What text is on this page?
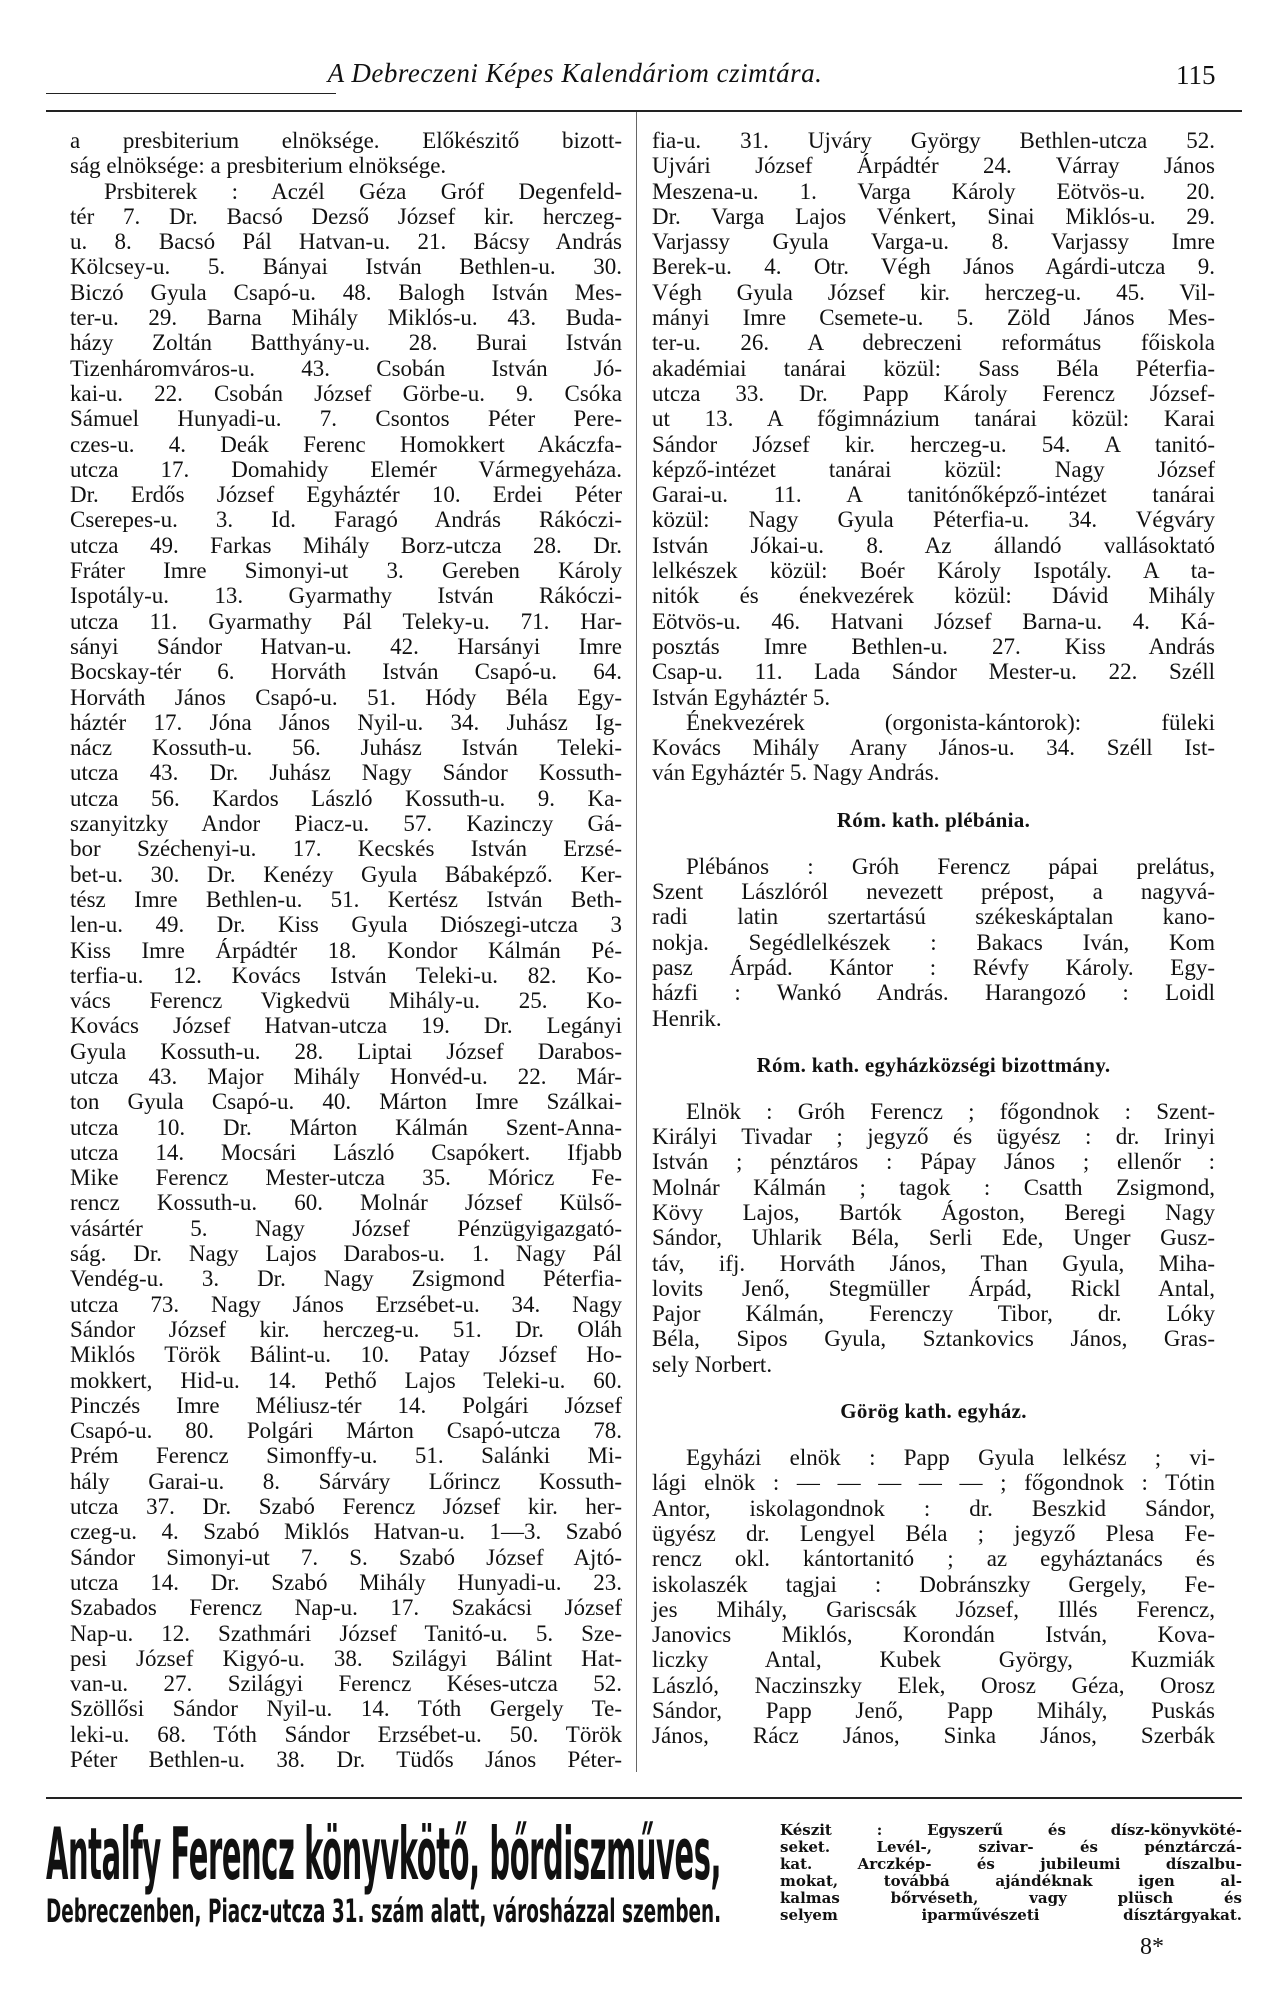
A Debreczeni Képes Kalendáriom czimtára.	115
a presbiterium elnöksége. Előkészitő bizott-
ság elnöksége: a presbiterium elnöksége.
Prsbiterek : Aczél Géza Gróf Degenfeld-
tér 7. Dr. Bacsó Dezső József kir. herczeg-
u. 8. Bacsó Pál Hatvan-u. 21. Bácsy András
Kölcsey-u. 5. Bányai István Bethlen-u. 30.
Biczó Gyula Csapó-u. 48. Balogh István Mes-
ter-u. 29. Barna Mihály Miklós-u. 43. Buda-
házy Zoltán Batthyány-u. 28. Burai István
Tizenháromváros-u. 43. Csobán István Jó-
kai-u. 22. Csobán József Görbe-u. 9. Csóka
Sámuel Hunyadi-u. 7. Csontos Péter Pere-
czes-u. 4. Deák Ferenc Homokkert Akáczfa-
utcza 17. Domahidy Elemér Vármegyeháza.
Dr. Erdős József Egyháztér 10. Erdei Péter
Cserepes-u. 3. Id. Faragó András Rákóczi-
utcza 49. Farkas Mihály Borz-utcza 28. Dr.
Fráter Imre Simonyi-ut 3. Gereben Károly
Ispotály-u. 13. Gyarmathy István Rákóczi-
utcza 11. Gyarmathy Pál Teleky-u. 71. Har-
sányi Sándor Hatvan-u. 42. Harsányi Imre
Bocskay-tér 6. Horváth István Csapó-u. 64.
Horváth János Csapó-u. 51. Hódy Béla Egy-
háztér 17. Jóna János Nyil-u. 34. Juhász Ig-
nácz Kossuth-u. 56. Juhász István Teleki-
utcza 43. Dr. Juhász Nagy Sándor Kossuth-
utcza 56. Kardos László Kossuth-u. 9. Ka-
szanyitzky Andor Piacz-u. 57. Kazinczy Gá-
bor Széchenyi-u. 17. Kecskés István Erzsé-
bet-u. 30. Dr. Kenézy Gyula Bábaképző. Ker-
tész Imre Bethlen-u. 51. Kertész István Beth-
len-u. 49. Dr. Kiss Gyula Diószegi-utcza 3
Kiss Imre Árpádtér 18. Kondor Kálmán Pé-
terfia-u. 12. Kovács István Teleki-u. 82. Ko-
vács Ferencz Vigkedvü Mihály-u. 25. Ko-
Kovács József Hatvan-utcza 19. Dr. Legányi
Gyula Kossuth-u. 28. Liptai József Darabos-
utcza 43. Major Mihály Honvéd-u. 22. Már-
ton Gyula Csapó-u. 40. Márton Imre Szálkai-
utcza 10. Dr. Márton Kálmán Szent-Anna-
utcza 14. Mocsári László Csapókert. Ifjabb
Mike Ferencz Mester-utcza 35. Móricz Fe-
rencz Kossuth-u. 60. Molnár József Külső-
vásártér 5. Nagy József Pénzügyigazgató-
ság. Dr. Nagy Lajos Darabos-u. 1. Nagy Pál
Vendég-u. 3. Dr. Nagy Zsigmond Péterfia-
utcza 73. Nagy János Erzsébet-u. 34. Nagy
Sándor József kir. herczeg-u. 51. Dr. Oláh
Miklós Török Bálint-u. 10. Patay József Ho-
mokkert, Hid-u. 14. Pethő Lajos Teleki-u. 60.
Pinczés Imre Méliusz-tér 14. Polgári József
Csapó-u. 80. Polgári Márton Csapó-utcza 78.
Prém Ferencz Simonffy-u. 51. Salánki Mi-
hály Garai-u. 8. Sárváry Lőrincz Kossuth-
utcza 37. Dr. Szabó Ferencz József kir. her-
czeg-u. 4. Szabó Miklós Hatvan-u. 1—3. Szabó
Sándor Simonyi-ut 7. S. Szabó József Ajtó-
utcza 14. Dr. Szabó Mihály Hunyadi-u. 23.
Szabados Ferencz Nap-u. 17. Szakácsi József
Nap-u. 12. Szathmári József Tanitó-u. 5. Sze-
pesi József Kigyó-u. 38. Szilágyi Bálint Hat-
van-u. 27. Szilágyi Ferencz Késes-utcza 52.
Szöllősi Sándor Nyil-u. 14. Tóth Gergely Te-
leki-u. 68. Tóth Sándor Erzsébet-u. 50. Török
Péter Bethlen-u. 38. Dr. Tüdős János Péter-
fia-u. 31. Ujváry György Bethlen-utcza 52.
Ujvári József Árpádtér 24. Várray János
Meszena-u. 1. Varga Károly Eötvös-u. 20.
Dr. Varga Lajos Vénkert, Sinai Miklós-u. 29.
Varjassy Gyula Varga-u. 8. Varjassy Imre
Berek-u. 4. Otr. Végh János Agárdi-utcza 9.
Végh Gyula József kir. herczeg-u. 45. Vil-
mányi Imre Csemete-u. 5. Zöld János Mes-
ter-u. 26. A debreczeni református főiskola
akadémiai tanárai közül: Sass Béla Péterfia-
utcza 33. Dr. Papp Károly Ferencz József-
ut 13. A főgimnázium tanárai közül: Karai
Sándor József kir. herczeg-u. 54. A tanitó-
képző-intézet tanárai közül: Nagy József
Garai-u. 11. A tanitónőképző-intézet tanárai
közül: Nagy Gyula Péterfia-u. 34. Végváry
István Jókai-u. 8. Az állandó vallásoktató
lelkészek közül: Boér Károly Ispotály. A ta-
nitók és énekvezérek közül: Dávid Mihály
Eötvös-u. 46. Hatvani József Barna-u. 4. Ká-
posztás Imre Bethlen-u. 27. Kiss András
Csap-u. 11. Lada Sándor Mester-u. 22. Széll
István Egyháztér 5.
Énekvezérek (orgonista-kántorok): füleki
Kovács Mihály Arany János-u. 34. Széll Ist-
ván Egyháztér 5. Nagy András.
Róm. kath. plébánia.
Plébános : Gróh Ferencz pápai prelátus,
Szent Lászlóról nevezett prépost, a nagyvá-
radi latin szertartású székeskáptalan kano-
nokja. Segédlelkészek : Bakacs Iván, Kom
pasz Árpád. Kántor : Révfy Károly. Egy-
házfi : Wankó András. Harangozó : Loidl
Henrik.
Róm. kath. egyházközségi bizottmány.
Elnök : Gróh Ferencz ; főgondnok : Szent-
Királyi Tivadar ; jegyző és ügyész : dr. Irinyi
István ; pénztáros : Pápay János ; ellenőr :
Molnár Kálmán ; tagok : Csatth Zsigmond,
Kövy Lajos, Bartók Ágoston, Beregi Nagy
Sándor, Uhlarik Béla, Serli Ede, Unger Gusz-
táv, ifj. Horváth János, Than Gyula, Miha-
lovits Jenő, Stegmüller Árpád, Rickl Antal,
Pajor Kálmán, Ferenczy Tibor, dr. Lóky
Béla, Sipos Gyula, Sztankovics János, Gras-
sely Norbert.
Görög kath. egyház.
Egyházi elnök : Papp Gyula lelkész ; vi-
lági elnök : — — — — — ; főgondnok : Tótin
Antor, iskolagondnok : dr. Beszkid Sándor,
ügyész dr. Lengyel Béla ; jegyző Plesa Fe-
rencz okl. kántortanitó ; az egyháztanács és
iskolaszék tagjai : Dobránszky Gergely, Fe-
jes Mihály, Gariscsák József, Illés Ferencz,
Janovics Miklós, Korondán István, Kova-
liczky Antal, Kubek György, Kuzmiák
László, Naczinszky Elek, Orosz Géza, Orosz
Sándor, Papp Jenő, Papp Mihály, Puskás
János, Rácz János, Sinka János, Szerbák
Antalfy Ferencz könyvkötő, bőrdiszműves,
Debreczenben, Piacz-utcza 31. szám alatt, városházzal szemben.
Készit : Egyszerű és dísz-könyvköté-
seket. Levél-, szivar- és pénztárczá-
kat. Arczkép- és jubileumi díszalbu-
mokat, továbbá ajándéknak igen al-
kalmas bőrvéseth, vagy plüsch és
selyem iparművészeti dísztárgyakat.
8*
